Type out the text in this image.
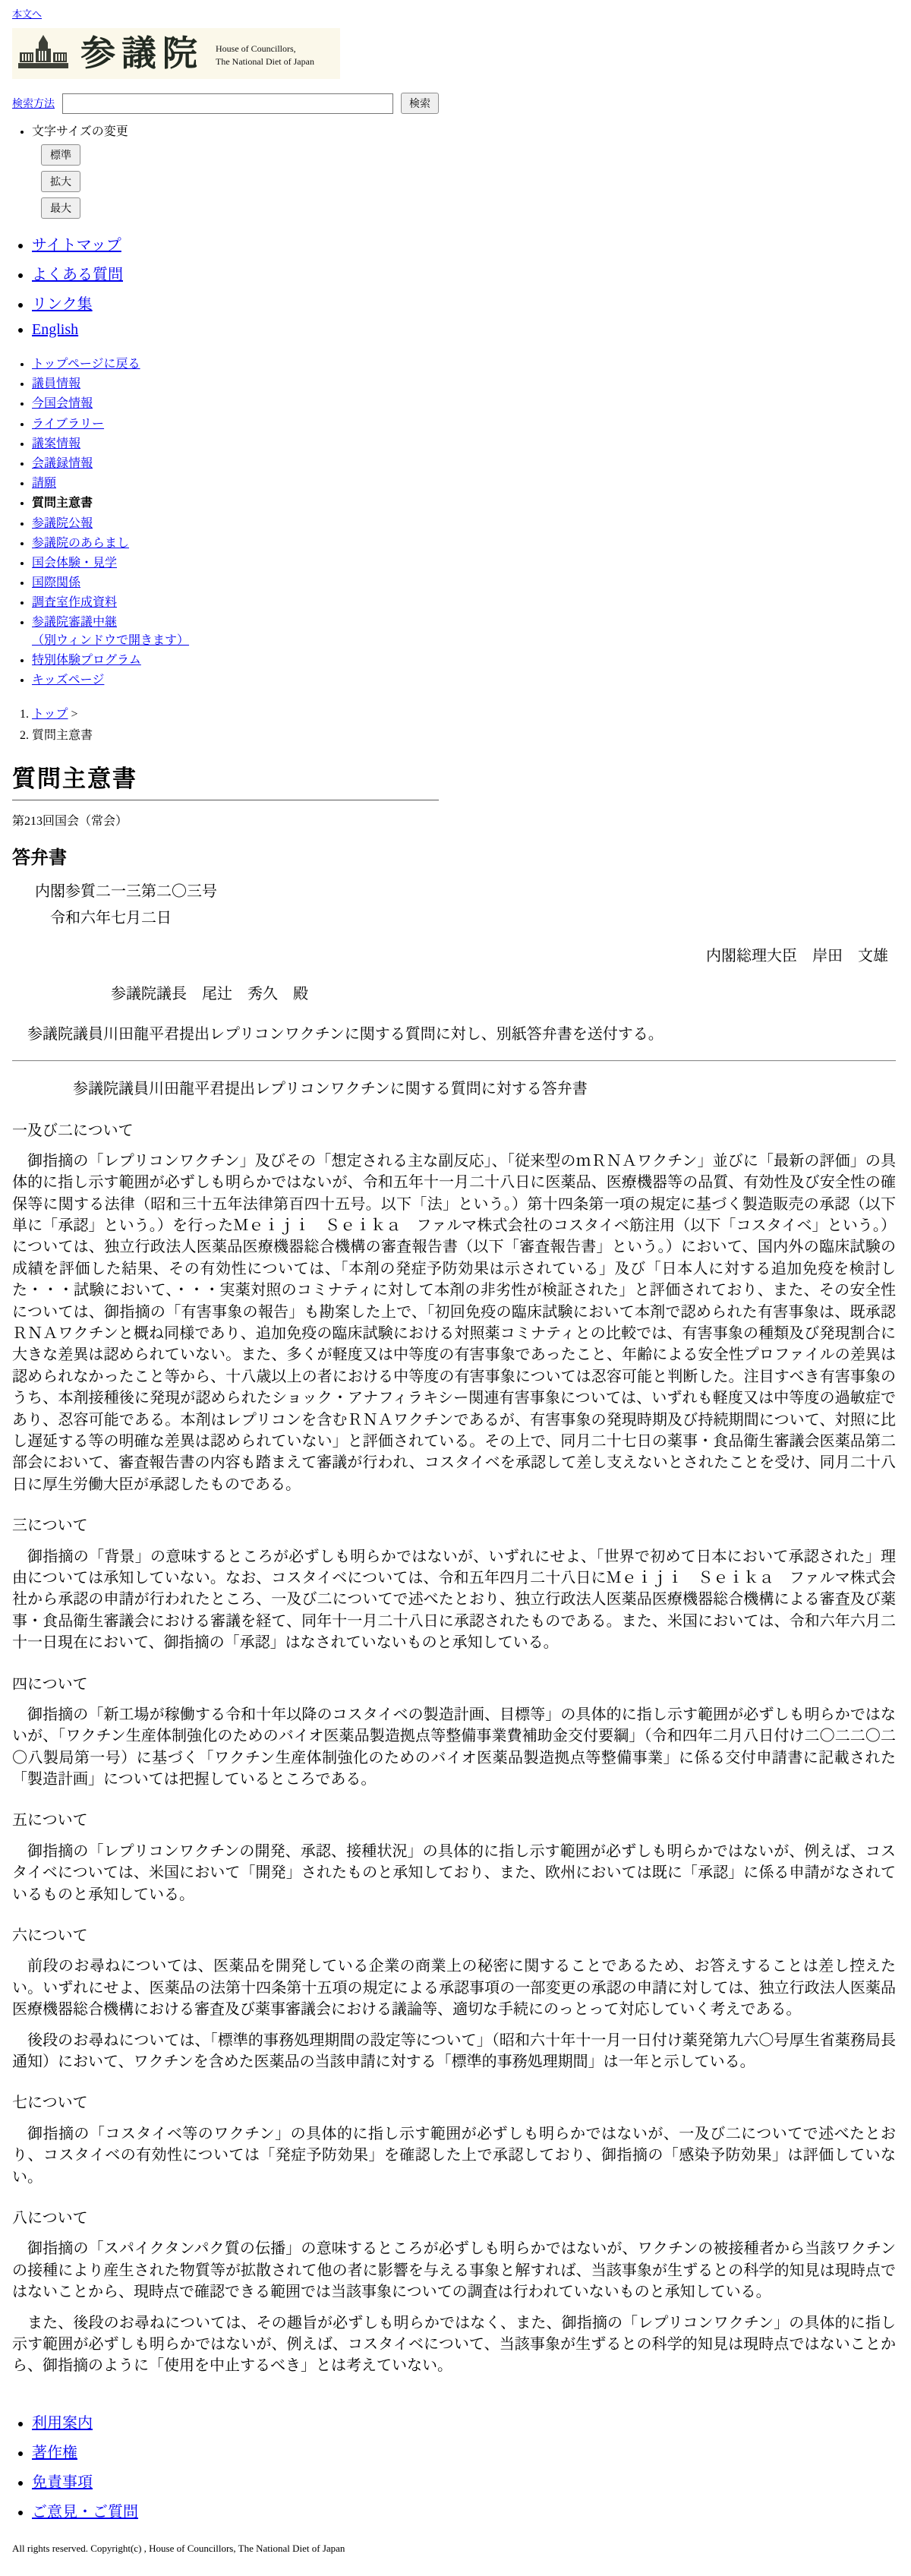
本文へ

参議院 House of Councillors,
The National Diet of Japan
検索方法	検索
• 文字サイズの変更
標準
拡大
最大
• サイトマップ
• よくある質問
• リンク集
• English
• トップページに戻る
• 議員情報
• 今国会情報
• ライブラリー
• 議案情報
• 会議録情報
• 請願
• 質問主意書
• 参議院公報
• 参議院のあらまし
• 国会体験・見学
• 国際関係
• 調査室作成資料
• 参議院審議中継
（別ウィンドウで開きます）
• 特別体験プログラム
• キッズページ
1. トップ >
2. 質問主意書
質問主意書

第213回国会（常会）

答弁書

内閣参質二一三第二〇三号

令和六年七月二日

内閣総理大臣　岸田　文雄

参議院議長　尾辻　秀久　殿

参議院議員川田龍平君提出レプリコンワクチンに関する質問に対し、別紙答弁書を送付する。

参議院議員川田龍平君提出レプリコンワクチンに関する質問に対する答弁書

一及び二について

御指摘の「レプリコンワクチン」及びその「想定される主な副反応」、「従来型のｍＲＮＡワクチン」並びに「最新の評価」の具体的に指し示す範囲が必ずしも明らかではないが、令和五年十一月二十八日に医薬品、医療機器等の品質、有効性及び安全性の確保等に関する法律（昭和三十五年法律第百四十五号。以下「法」という。）第十四条第一項の規定に基づく製造販売の承認（以下単に「承認」という。）を行ったＭｅｉｊｉ　Ｓｅｉｋａ　ファルマ株式会社のコスタイベ筋注用（以下「コスタイベ」という。）については、独立行政法人医薬品医療機器総合機構の審査報告書（以下「審査報告書」という。）において、国内外の臨床試験の成績を評価した結果、その有効性については、「本剤の発症予防効果は示されている」及び「日本人に対する追加免疫を検討した・・・試験において、・・・実薬対照のコミナティに対して本剤の非劣性が検証された」と評価されており、また、その安全性については、御指摘の「有害事象の報告」も勘案した上で、「初回免疫の臨床試験において本剤で認められた有害事象は、既承認ＲＮＡワクチンと概ね同様であり、追加免疫の臨床試験における対照薬コミナティとの比較では、有害事象の種類及び発現割合に大きな差異は認められていない。また、多くが軽度又は中等度の有害事象であったこと、年齢による安全性プロファイルの差異は認められなかったこと等から、十八歳以上の者における中等度の有害事象については忍容可能と判断した。注目すべき有害事象のうち、本剤接種後に発現が認められたショック・アナフィラキシー関連有害事象については、いずれも軽度又は中等度の過敏症であり、忍容可能である。本剤はレプリコンを含むＲＮＡワクチンであるが、有害事象の発現時期及び持続期間について、対照に比し遅延する等の明確な差異は認められていない」と評価されている。その上で、同月二十七日の薬事・食品衛生審議会医薬品第二部会において、審査報告書の内容も踏まえて審議が行われ、コスタイベを承認して差し支えないとされたことを受け、同月二十八日に厚生労働大臣が承認したものである。

三について

御指摘の「背景」の意味するところが必ずしも明らかではないが、いずれにせよ、「世界で初めて日本において承認された」理由については承知していない。なお、コスタイベについては、令和五年四月二十八日にＭｅｉｊｉ　Ｓｅｉｋａ　ファルマ株式会社から承認の申請が行われたところ、一及び二についてで述べたとおり、独立行政法人医薬品医療機器総合機構による審査及び薬事・食品衛生審議会における審議を経て、同年十一月二十八日に承認されたものである。また、米国においては、令和六年六月二十一日現在において、御指摘の「承認」はなされていないものと承知している。

四について

御指摘の「新工場が稼働する令和十年以降のコスタイベの製造計画、目標等」の具体的に指し示す範囲が必ずしも明らかではないが、「ワクチン生産体制強化のためのバイオ医薬品製造拠点等整備事業費補助金交付要綱」（令和四年二月八日付け二〇二二〇二〇八製局第一号）に基づく「ワクチン生産体制強化のためのバイオ医薬品製造拠点等整備事業」に係る交付申請書に記載された「製造計画」については把握しているところである。

五について

御指摘の「レプリコンワクチンの開発、承認、接種状況」の具体的に指し示す範囲が必ずしも明らかではないが、例えば、コスタイベについては、米国において「開発」されたものと承知しており、また、欧州においては既に「承認」に係る申請がなされているものと承知している。

六について

前段のお尋ねについては、医薬品を開発している企業の商業上の秘密に関することであるため、お答えすることは差し控えたい。いずれにせよ、医薬品の法第十四条第十五項の規定による承認事項の一部変更の承認の申請に対しては、独立行政法人医薬品医療機器総合機構における審査及び薬事審議会における議論等、適切な手続にのっとって対応していく考えである。

後段のお尋ねについては、「標準的事務処理期間の設定等について」（昭和六十年十一月一日付け薬発第九六〇号厚生省薬務局長通知）において、ワクチンを含めた医薬品の当該申請に対する「標準的事務処理期間」は一年と示している。

七について

御指摘の「コスタイベ等のワクチン」の具体的に指し示す範囲が必ずしも明らかではないが、一及び二についてで述べたとおり、コスタイベの有効性については「発症予防効果」を確認した上で承認しており、御指摘の「感染予防効果」は評価していない。

八について

御指摘の「スパイクタンパク質の伝播」の意味するところが必ずしも明らかではないが、ワクチンの被接種者から当該ワクチンの接種により産生された物質等が拡散されて他の者に影響を与える事象と解すれば、当該事象が生ずるとの科学的知見は現時点ではないことから、現時点で確認できる範囲では当該事象についての調査は行われていないものと承知している。

また、後段のお尋ねについては、その趣旨が必ずしも明らかではなく、また、御指摘の「レプリコンワクチン」の具体的に指し示す範囲が必ずしも明らかではないが、例えば、コスタイベについて、当該事象が生ずるとの科学的知見は現時点ではないことから、御指摘のように「使用を中止するべき」とは考えていない。

• 利用案内
• 著作権
• 免責事項
• ご意見・ご質問

All rights reserved. Copyright(c) , House of Councillors, The National Diet of Japan
